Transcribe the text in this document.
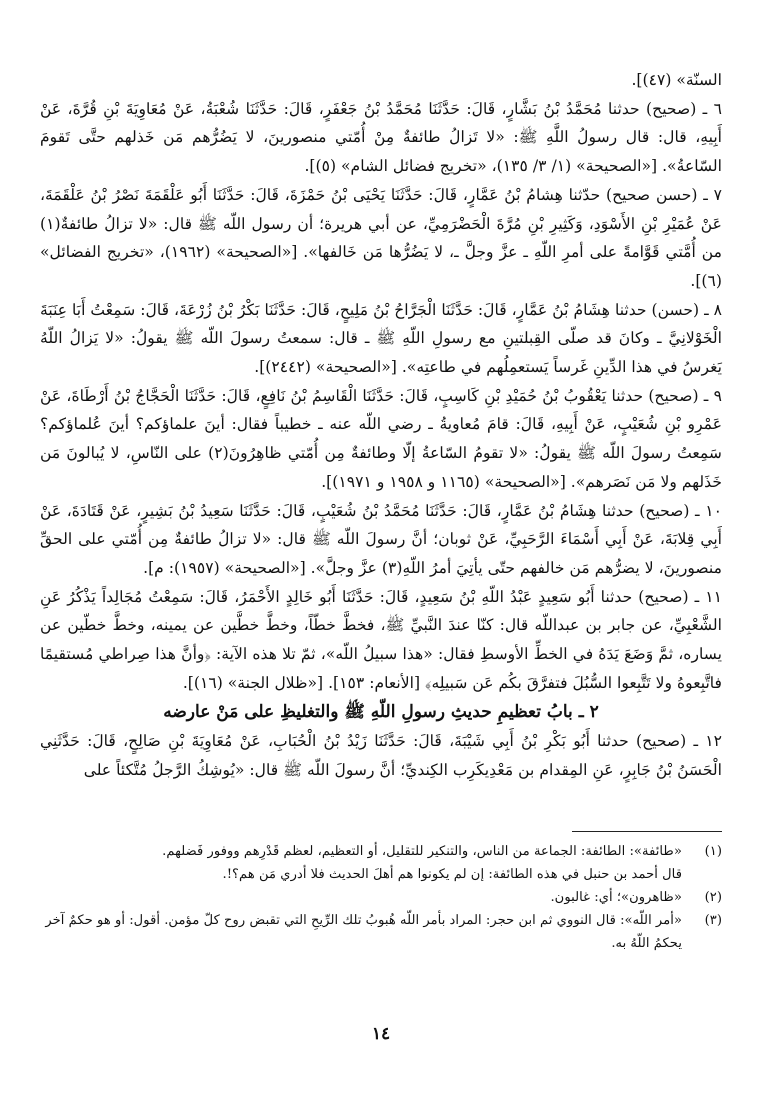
السنّة» (٤٧)].

٦ ـ (صحيح) حدثنا مُحَمَّدُ بْنُ بَشَّارٍ، قَالَ: حَدَّثَنَا مُحَمَّدُ بْنُ جَعْفَرٍ، قَالَ: حَدَّثَنَا شُعْبَةُ، عَنْ مُعَاوِيَةَ بْنِ قُرَّةَ، عَنْ أَبِيهِ، قال: قال رسولُ اللَّهِ ﷺ: «لا تَزالُ طائفةٌ مِنْ أُمّتي منصورينَ، لا يَضُرُّهم مَن خَذلهم حتَّى تَقومَ السّاعةُ». [«الصحيحة» (١/ ٣/ ١٣٥)، «تخريج فضائل الشام» (٥)].

٧ ـ (حسن صحيح) حدّثنا هِشامُ بْنُ عَمَّارٍ، قَالَ: حَدَّثَنَا يَحْيَى بْنُ حَمْزَةَ، قَالَ: حَدَّثَنَا أَبُو عَلْقَمَةَ نَصْرُ بْنُ عَلْقَمَةَ، عَنْ عُمَيْرِ بْنِ الأَسْوَدِ، وَكَثِيرِ بْنِ مُرَّةَ الْحَضْرَمِيِّ، عن أبي هريرة؛ أن رسول اللّه ﷺ قال: «لا تزالُ طائفةٌ(١) من أُمَّتي قَوَّامةً على أمرِ اللّهِ ـ عزَّ وجلَّ ـ، لا يَضُرُّها مَن خَالفها». [«الصحيحة» (١٩٦٢)، «تخريج الفضائل» (٦)].

٨ ـ (حسن) حدثنا هِشَامُ بْنُ عَمَّارٍ، قَالَ: حَدَّثَنَا الْجَرَّاحُ بْنُ مَلِيحٍ، قَالَ: حَدَّثَنَا بَكْرُ بْنُ زُرْعَةَ، قَالَ: سَمِعْتُ أَبَا عِنَبَةَ الْخَوْلانِيَّ ـ وكانَ قد صلّى القِبلتينِ مع رسولِ اللّهِ ﷺ ـ قال: سمعتُ رسولَ اللّه ﷺ يقولُ: «لا يَزالُ اللّهُ يَغرسُ في هذا الدِّينِ غَرساً يَستعمِلُهم في طاعتِه». [«الصحيحة» (٢٤٤٢)].

٩ ـ (صحيح) حدثنا يَعْقُوبُ بْنُ حُمَيْدِ بْنِ كَاسِبٍ، قَالَ: حَدَّثَنَا الْقَاسِمُ بْنُ نَافِعٍ، قَالَ: حَدَّثَنَا الْحَجَّاجُ بْنُ أَرْطَاةَ، عَنْ عَمْرِو بْنِ شُعَيْبٍ، عَنْ أَبِيهِ، قَالَ: قامَ مُعاويةُ ـ رضي اللّه عنه ـ خطيباً فقال: أينَ علماؤكم؟ أينَ عُلماؤكم؟ سَمِعتُ رسولَ اللّه ﷺ يقولُ: «لا تقومُ السّاعةُ إلّا وطائفةٌ مِن أُمّتي ظاهِرُونَ(٢) على النّاسِ، لا يُبالونَ مَن خَذَلهم ولا مَن نَصَرهم». [«الصحيحة» (١١٦٥ و ١٩٥٨ و ١٩٧١)].

١٠ ـ (صحيح) حدثنا هِشَامُ بْنُ عَمَّارٍ، قَالَ: حَدَّثَنَا مُحَمَّدُ بْنُ شُعَيْبٍ، قَالَ: حَدَّثَنَا سَعِيدُ بْنُ بَشِيرٍ، عَنْ قَتَادَةَ، عَنْ أَبِي قِلابَةَ، عَنْ أَبِي أَسْمَاءَ الرَّحَبِيِّ، عَنْ ثوبان؛ أنَّ رسولَ اللّه ﷺ قال: «لا تزالُ طائفةٌ مِن أُمّتي على الحقِّ منصورينَ، لا يضرُّهم مَن خالفهم حتّى يأتِيَ أمرُ اللّهِ(٣) عزَّ وجلَّ». [«الصحيحة» (١٩٥٧): م].

١١ ـ (صحيح) حدثنا أَبُو سَعِيدٍ عَبْدُ اللّهِ بْنُ سَعِيدٍ، قَالَ: حَدَّثَنَا أَبُو خَالِدٍ الأَحْمَرُ، قَالَ: سَمِعْتُ مُجَالِداً يَذْكُرُ عَنِ الشَّعْبِيِّ، عن جابر بن عبداللّه قال: كنّا عندَ النَّبيِّ ﷺ، فخطَّ خطّاً، وخطَّ خطَّين عن يمينه، وخطَّ خطّين عن يساره، ثمَّ وَضَعَ يَدَهُ في الخطِّ الأوسطِ فقال: «هذا سبيلُ اللّه»، ثمّ تلا هذه الآية: ﴿وأنَّ هذا صِراطي مُستقيمًا فاتَّبِعوهُ ولا تَتَّبِعوا السُّبُلَ فتفرَّقَ بكُم عَن سَبيلِه﴾ [الأنعام: ١٥٣]. [«ظلال الجنة» (١٦)].

٢ ـ بابُ تعظيمِ حديثِ رسولِ اللّهِ ﷺ والتغليظِ على مَنْ عارضه

١٢ ـ (صحيح) حدثنا أَبُو بَكْرِ بْنُ أَبِي شَيْبَةَ، قَالَ: حَدَّثَنَا زَيْدُ بْنُ الْحُبَابِ، عَنْ مُعَاوِيَةَ بْنِ صَالِحٍ، قَالَ: حَدَّثَنِي الْحَسَنُ بْنُ جَابِرٍ، عَنِ المِقدام بن مَعْدِيكَرِب الكِنديِّ؛ أنَّ رسولَ اللّه ﷺ قال: «يُوشِكُ الرَّجلُ مُتَّكئاً على

(١)
«طائفة»: الطائفة: الجماعة من الناس، والتنكير للتقليل، أو التعظيم، لعظم قَدْرِهم ووفور فَضلهم.

قال أحمد بن حنبل في هذه الطائفة: إن لم يكونوا هم أهلَ الحديث فلا أدري مَن هم؟!.

(٢)
«ظاهرون»؛ أي: غالبون.
(٣)
«أمر اللّه»: قال النووي ثم ابن حجر: المراد بأمر اللّه هُبوبُ تلك الرِّيحِ التي تقبض روح كلّ مؤمن. أقول: أو هو حكمٌ آخر يحكمُ اللّهُ به.
١٤
